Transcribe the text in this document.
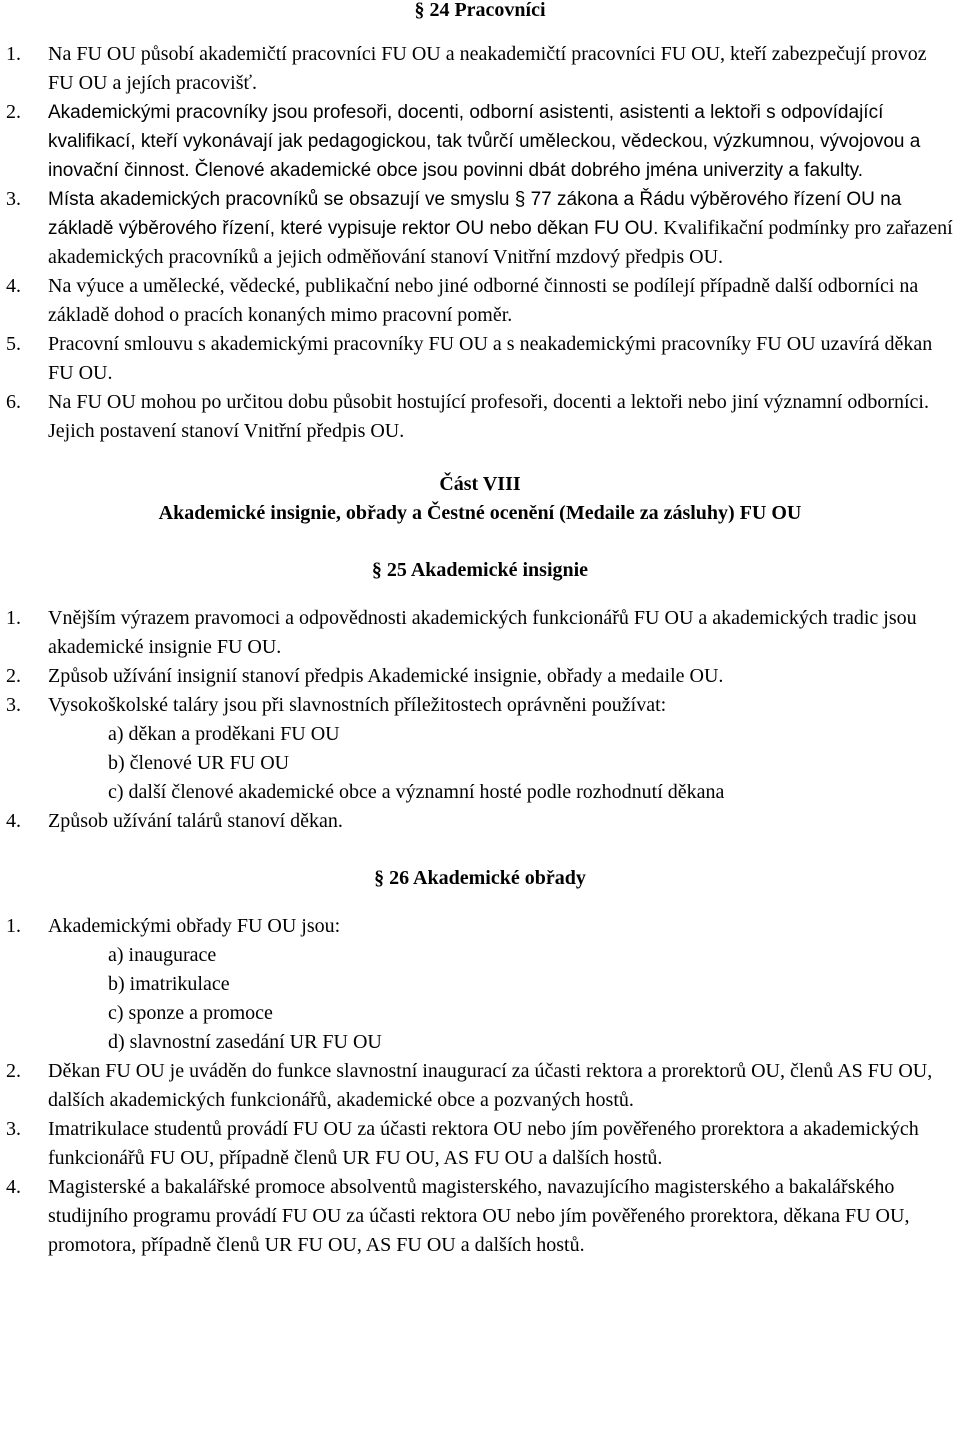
§ 24 Pracovníci
1.	Na FU OU působí akademičtí pracovníci FU OU a neakademičtí pracovníci FU OU, kteří zabezpečují provoz FU OU a jejích pracovišť.
2.	Akademickými pracovníky jsou profesoři, docenti, odborní asistenti, asistenti a lektoři s odpovídající kvalifikací, kteří vykonávají jak pedagogickou, tak tvůrčí uměleckou, vědeckou, výzkumnou, vývojovou a inovační činnost. Členové akademické obce jsou povinni dbát dobrého jména univerzity a fakulty.
3.	Místa akademických pracovníků se obsazují ve smyslu § 77 zákona a Řádu výběrového řízení OU na základě výběrového řízení, které vypisuje rektor OU nebo děkan FU OU. Kvalifikační podmínky pro zařazení akademických pracovníků a jejich odměňování stanoví Vnitřní mzdový předpis OU.
4.	Na výuce a umělecké, vědecké, publikační nebo jiné odborné činnosti se podílejí případně další odborníci na základě dohod o pracích konaných mimo pracovní poměr.
5.	Pracovní smlouvu s akademickými pracovníky FU OU a s neakademickými pracovníky FU OU uzavírá děkan FU OU.
6.	Na FU OU mohou po určitou dobu působit hostující profesoři, docenti a lektoři nebo jiní významní odborníci. Jejich postavení stanoví Vnitřní předpis OU.
Část VIII
Akademické insignie, obřady a Čestné ocenění (Medaile za zásluhy) FU OU
§ 25 Akademické insignie
1.	Vnějším výrazem pravomoci a odpovědnosti akademických funkcionářů FU OU a akademických tradic jsou akademické insignie FU OU.
2.	Způsob užívání insignií stanoví předpis Akademické insignie, obřady a medaile OU.
3.	Vysokoškolské taláry jsou při slavnostních příležitostech oprávněni používat:
a) děkan a proděkani FU OU
b) členové UR FU OU
c) další členové akademické obce a významní hosté podle rozhodnutí děkana
4.	Způsob užívání talárů stanoví děkan.
§ 26 Akademické obřady
1.	Akademickými obřady FU OU jsou:
a) inaugurace
b) imatrikulace
c) sponze a promoce
d) slavnostní zasedání UR FU OU
2.	Děkan FU OU je uváděn do funkce slavnostní inaugurací za účasti rektora a prorektorů OU, členů AS FU OU, dalších akademických funkcionářů, akademické obce a pozvaných hostů.
3.	Imatrikulace studentů provádí FU OU za účasti rektora OU nebo jím pověřeného prorektora a akademických funkcionářů FU OU, případně členů UR FU OU, AS FU OU a dalších hostů.
4.	Magisterské a bakalářské promoce absolventů magisterského, navazujícího magisterského a bakalářského studijního programu provádí FU OU za účasti rektora OU nebo jím pověřeného prorektora, děkana FU OU, promotora, případně členů UR FU OU, AS FU OU a dalších hostů.
